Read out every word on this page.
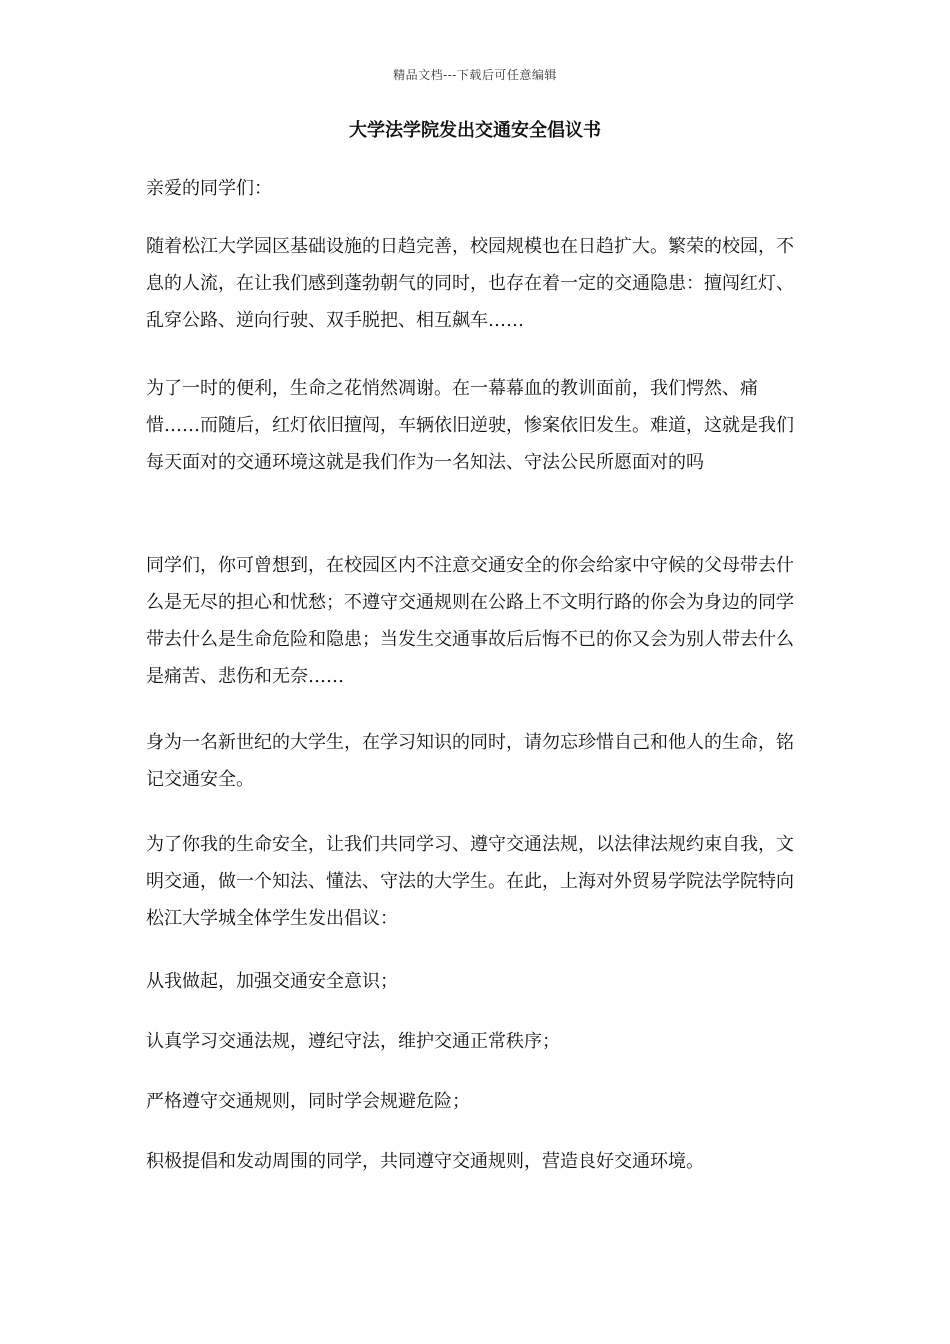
精品文档---下载后可任意编辑
大学法学院发出交通安全倡议书

亲爱的同学们：

随着松江大学园区基础设施的日趋完善，校园规模也在日趋扩大。繁荣的校园，不息的人流，在让我们感到蓬勃朝气的同时，也存在着一定的交通隐患：擅闯红灯、乱穿公路、逆向行驶、双手脱把、相互飙车……

为了一时的便利，生命之花悄然凋谢。在一幕幕血的教训面前，我们愕然、痛惜……而随后，红灯依旧擅闯，车辆依旧逆驶，惨案依旧发生。难道，这就是我们每天面对的交通环境这就是我们作为一名知法、守法公民所愿面对的吗

同学们，你可曾想到，在校园区内不注意交通安全的你会给家中守候的父母带去什么是无尽的担心和忧愁；不遵守交通规则在公路上不文明行路的你会为身边的同学带去什么是生命危险和隐患；当发生交通事故后后悔不已的你又会为别人带去什么是痛苦、悲伤和无奈……

身为一名新世纪的大学生，在学习知识的同时，请勿忘珍惜自己和他人的生命，铭记交通安全。

为了你我的生命安全，让我们共同学习、遵守交通法规，以法律法规约束自我，文明交通，做一个知法、懂法、守法的大学生。在此，上海对外贸易学院法学院特向松江大学城全体学生发出倡议：

从我做起，加强交通安全意识；

认真学习交通法规，遵纪守法，维护交通正常秩序；

严格遵守交通规则，同时学会规避危险；

积极提倡和发动周围的同学，共同遵守交通规则，营造良好交通环境。
